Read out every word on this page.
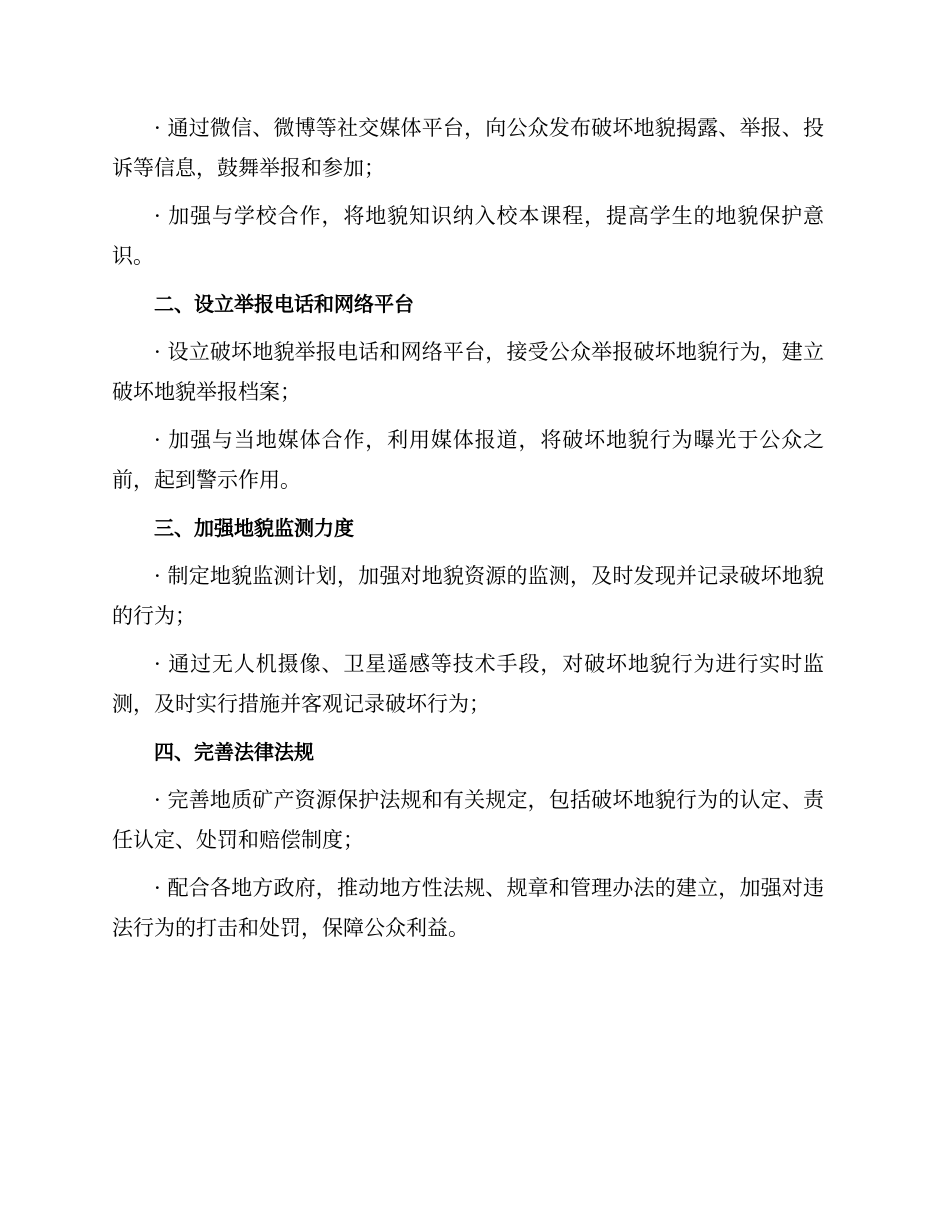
· 通过微信、微博等社交媒体平台，向公众发布破坏地貌揭露、举报、投诉等信息，鼓舞举报和参加；

· 加强与学校合作，将地貌知识纳入校本课程，提高学生的地貌保护意识。

二、设立举报电话和网络平台

· 设立破坏地貌举报电话和网络平台，接受公众举报破坏地貌行为，建立破坏地貌举报档案；

· 加强与当地媒体合作，利用媒体报道，将破坏地貌行为曝光于公众之前，起到警示作用。

三、加强地貌监测力度

· 制定地貌监测计划，加强对地貌资源的监测，及时发现并记录破坏地貌的行为；

· 通过无人机摄像、卫星遥感等技术手段，对破坏地貌行为进行实时监测，及时实行措施并客观记录破坏行为；

四、完善法律法规

· 完善地质矿产资源保护法规和有关规定，包括破坏地貌行为的认定、责任认定、处罚和赔偿制度；

· 配合各地方政府，推动地方性法规、规章和管理办法的建立，加强对违法行为的打击和处罚，保障公众利益。
